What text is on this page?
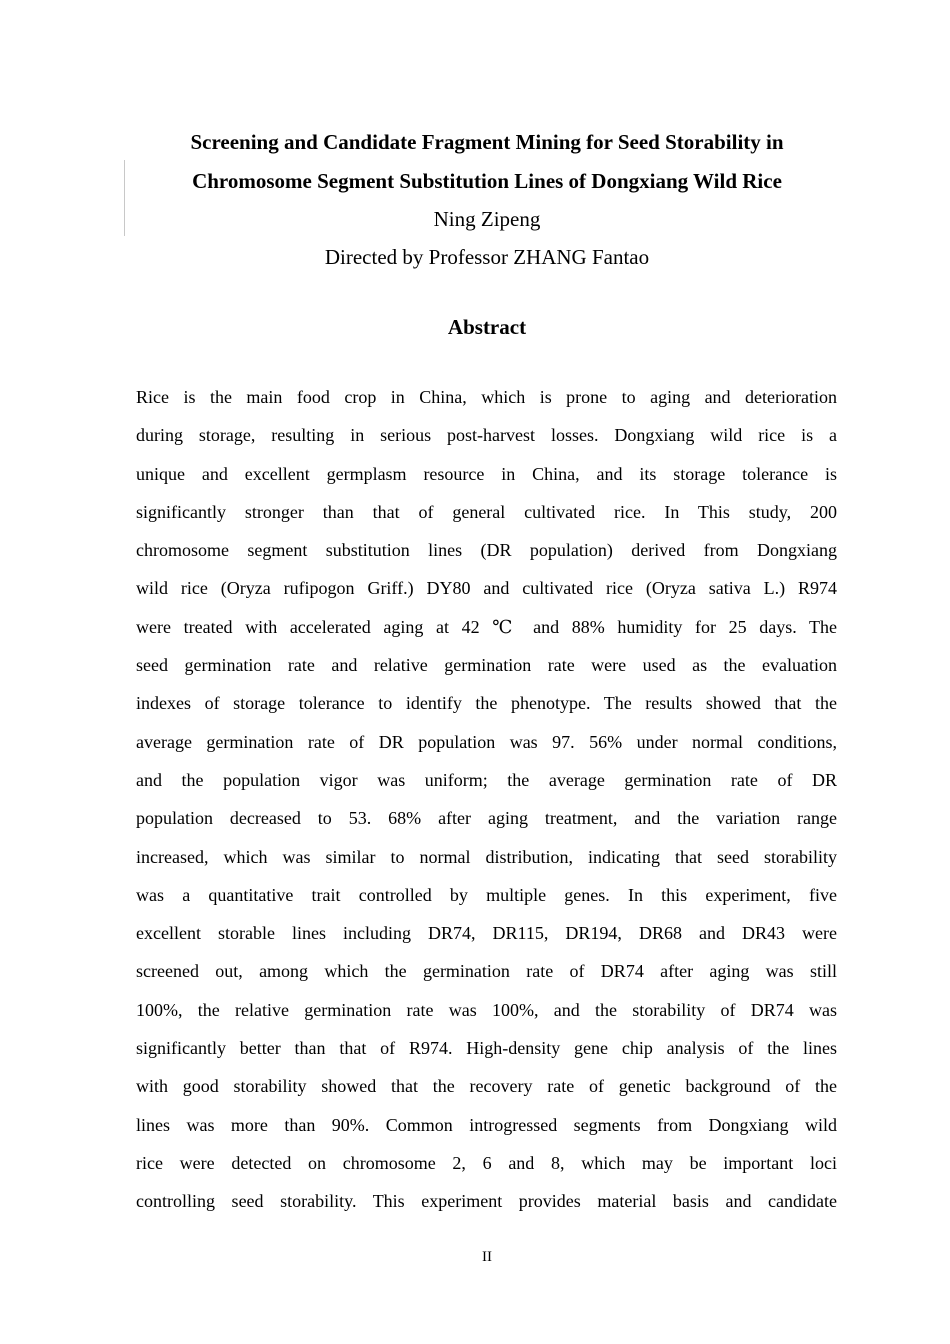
Screening and Candidate Fragment Mining for Seed Storability in
Chromosome Segment Substitution Lines of Dongxiang Wild Rice
Ning Zipeng
Directed by Professor ZHANG Fantao
Abstract
Rice is the main food crop in China, which is prone to aging and deterioration
during storage, resulting in serious post-harvest losses. Dongxiang wild rice is a
unique and excellent germplasm resource in China, and its storage tolerance is
significantly stronger than that of general cultivated rice. In This study, 200
chromosome segment substitution lines (DR population) derived from Dongxiang
wild rice (Oryza rufipogon Griff.) DY80 and cultivated rice (Oryza sativa L.) R974
were treated with accelerated aging at 42 ℃ and 88% humidity for 25 days. The
seed germination rate and relative germination rate were used as the evaluation
indexes of storage tolerance to identify the phenotype. The results showed that the
average germination rate of DR population was 97. 56% under normal conditions,
and the population vigor was uniform; the average germination rate of DR
population decreased to 53. 68% after aging treatment, and the variation range
increased, which was similar to normal distribution, indicating that seed storability
was a quantitative trait controlled by multiple genes. In this experiment, five
excellent storable lines including DR74, DR115, DR194, DR68 and DR43 were
screened out, among which the germination rate of DR74 after aging was still
100%, the relative germination rate was 100%, and the storability of DR74 was
significantly better than that of R974. High-density gene chip analysis of the lines
with good storability showed that the recovery rate of genetic background of the
lines was more than 90%. Common introgressed segments from Dongxiang wild
rice were detected on chromosome 2, 6 and 8, which may be important loci
controlling seed storability. This experiment provides material basis and candidate
II
